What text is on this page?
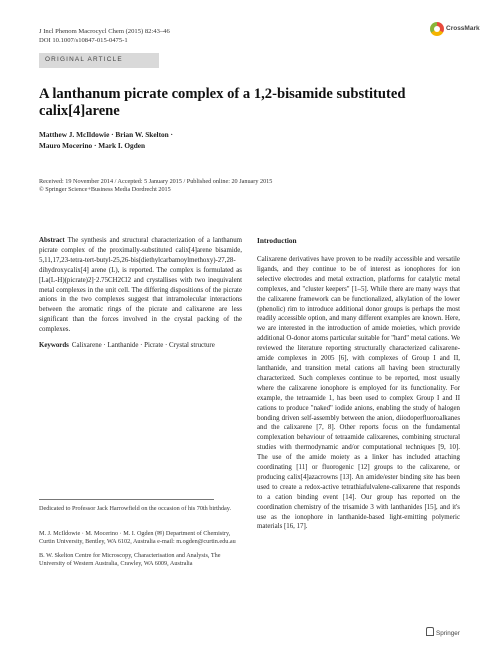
J Incl Phenom Macrocycl Chem (2015) 82:43–46
DOI 10.1007/s10847-015-0475-1
CrossMark
ORIGINAL ARTICLE
A lanthanum picrate complex of a 1,2-bisamide substituted calix[4]arene
Matthew J. McIldowie · Brian W. Skelton ·
Mauro Mocerino · Mark I. Ogden
Received: 19 November 2014 / Accepted: 5 January 2015 / Published online: 20 January 2015
© Springer Science+Business Media Dordrecht 2015
Abstract The synthesis and structural characterization of a lanthanum picrate complex of the proximally-substituted calix[4]arene bisamide, 5,11,17,23-tetra-tert-butyl-25,26-bis(diethylcarbamoylmethoxy)-27,28-dihydroxycalix[4] arene (L), is reported. The complex is formulated as [La(L-H)(picrate)2]·2.75CH2Cl2 and crystallises with two inequivalent metal complexes in the unit cell. The differing dispositions of the picrate anions in the two complexes suggest that intramolecular interactions between the aromatic rings of the picrate and calixarene are less significant than the forces involved in the crystal packing of the complexes.
Keywords Calixarene · Lanthanide · Picrate · Crystal structure
Dedicated to Professor Jack Harrowfield on the occasion of his 70th birthday.

M. J. McIldowie · M. Mocerino · M. I. Ogden (✉) Department of Chemistry, Curtin University, Bentley, WA 6102, Australia e-mail: m.ogden@curtin.edu.au

B. W. Skelton Centre for Microscopy, Characterisation and Analysis, The University of Western Australia, Crawley, WA 6009, Australia

Introduction
Calixarene derivatives have proven to be readily accessible and versatile ligands, and they continue to be of interest as ionophores for ion selective electrodes and metal extraction, platforms for catalytic metal complexes, and "cluster keepers" [1–5]. While there are many ways that the calixarene framework can be functionalized, alkylation of the lower (phenolic) rim to introduce additional donor groups is perhaps the most readily accessible option, and many different examples are known. Here, we are interested in the introduction of amide moieties, which provide additional O-donor atoms particular suitable for "hard" metal cations. We reviewed the literature reporting structurally characterized calixarene-amide complexes in 2005 [6], with complexes of Group I and II, lanthanide, and transition metal cations all having been structurally characterized. Such complexes continue to be reported, most usually where the calixarene ionophore is employed for its functionality. For example, the tetraamide 1, has been used to complex Group I and II cations to produce "naked" iodide anions, enabling the study of halogen bonding driven self-assembly between the anion, diiodoperfluoroalkanes and the calixarene [7, 8]. Other reports focus on the fundamental complexation behaviour of tetraamide calixarenes, combining structural studies with thermodynamic and/or computational techniques [9, 10]. The use of the amide moiety as a linker has included attaching coordinating [11] or fluorogenic [12] groups to the calixarene, or producing calix[4]azacrowns [13]. An amide/ester binding site has been used to create a redox-active tetrathiafulvalene-calixarene that responds to a cation binding event [14]. Our group has reported on the coordination chemistry of the trisamide 3 with lanthanides [15], and it's use as the ionophore in lanthanide-based light-emitting polymeric materials [16, 17].
Springer
